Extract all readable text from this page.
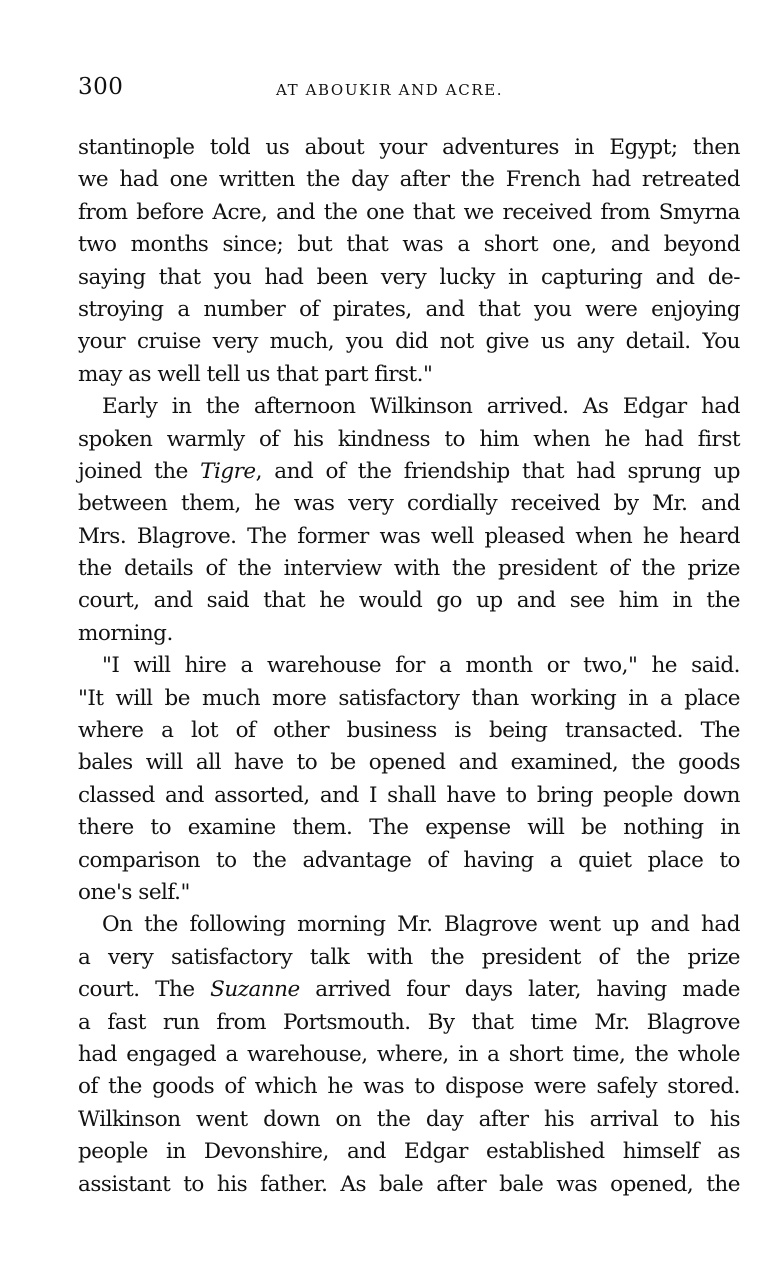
300	AT ABOUKIR AND ACRE.
stantinople told us about your adventures in Egypt; then
we had one written the day after the French had retreated
from before Acre, and the one that we received from Smyrna
two months since; but that was a short one, and beyond
saying that you had been very lucky in capturing and de-
stroying a number of pirates, and that you were enjoying
your cruise very much, you did not give us any detail. You
may as well tell us that part first."
Early in the afternoon Wilkinson arrived. As Edgar had
spoken warmly of his kindness to him when he had first
joined the Tigre, and of the friendship that had sprung up
between them, he was very cordially received by Mr. and
Mrs. Blagrove. The former was well pleased when he heard
the details of the interview with the president of the prize
court, and said that he would go up and see him in the
morning.
"I will hire a warehouse for a month or two," he said.
"It will be much more satisfactory than working in a place
where a lot of other business is being transacted. The
bales will all have to be opened and examined, the goods
classed and assorted, and I shall have to bring people down
there to examine them. The expense will be nothing in
comparison to the advantage of having a quiet place to
one's self."
On the following morning Mr. Blagrove went up and had
a very satisfactory talk with the president of the prize
court. The Suzanne arrived four days later, having made
a fast run from Portsmouth. By that time Mr. Blagrove
had engaged a warehouse, where, in a short time, the whole
of the goods of which he was to dispose were safely stored.
Wilkinson went down on the day after his arrival to his
people in Devonshire, and Edgar established himself as
assistant to his father. As bale after bale was opened, the
